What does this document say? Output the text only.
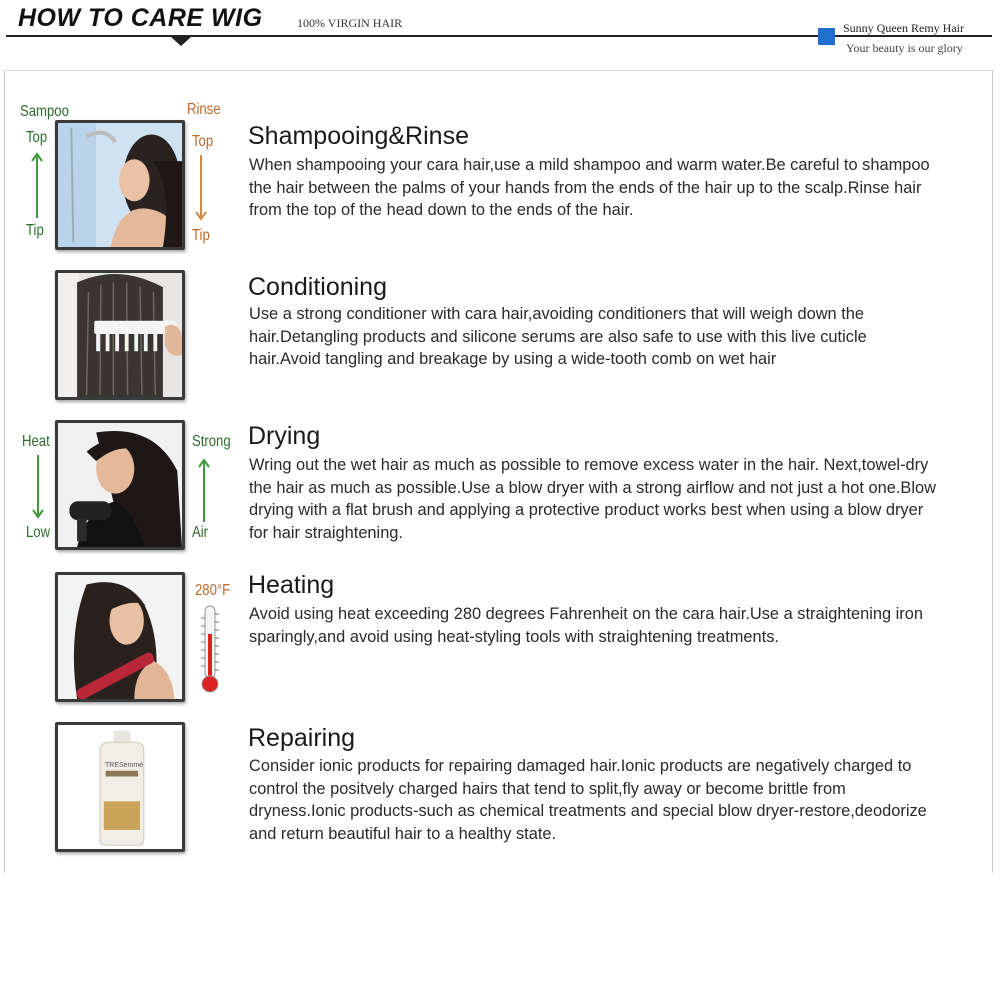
HOW TO CARE WIG	100% VIRGIN HAIR	Sunny Queen Remy Hair
Your beauty is our glory
Sampoo
Top
Tip
Rinse
Top
Tip
Shampooing&Rinse
When shampooing your cara hair,use a mild shampoo and warm water.Be careful to shampoo the hair between the palms of your hands from the ends of the hair up to the scalp.Rinse hair from the top of the head down to the ends of the hair.
Conditioning
Use a strong conditioner with cara hair,avoiding conditioners that will weigh down the hair.Detangling products and silicone serums are also safe to use with this live cuticle hair.Avoid tangling and breakage by using a wide-tooth comb on wet hair
Heat
Low
Strong
Air
Drying
Wring out the wet hair as much as possible to remove excess water in the hair. Next,towel-dry the hair as much as possible.Use a blow dryer with a strong airflow and not just a hot one.Blow drying with a flat brush and applying a protective product works best when using a blow dryer for hair straightening.
280°F Heating
Avoid using heat exceeding 280 degrees Fahrenheit on the cara hair.Use a straightening iron sparingly,and avoid using heat-styling tools with straightening treatments.
TRESemmé
Repairing
Consider ionic products for repairing damaged hair.Ionic products are negatively charged to control the positvely charged hairs that tend to split,fly away or become brittle from dryness.Ionic products-such as chemical treatments and special blow dryer-restore,deodorize and return beautiful hair to a healthy state.
